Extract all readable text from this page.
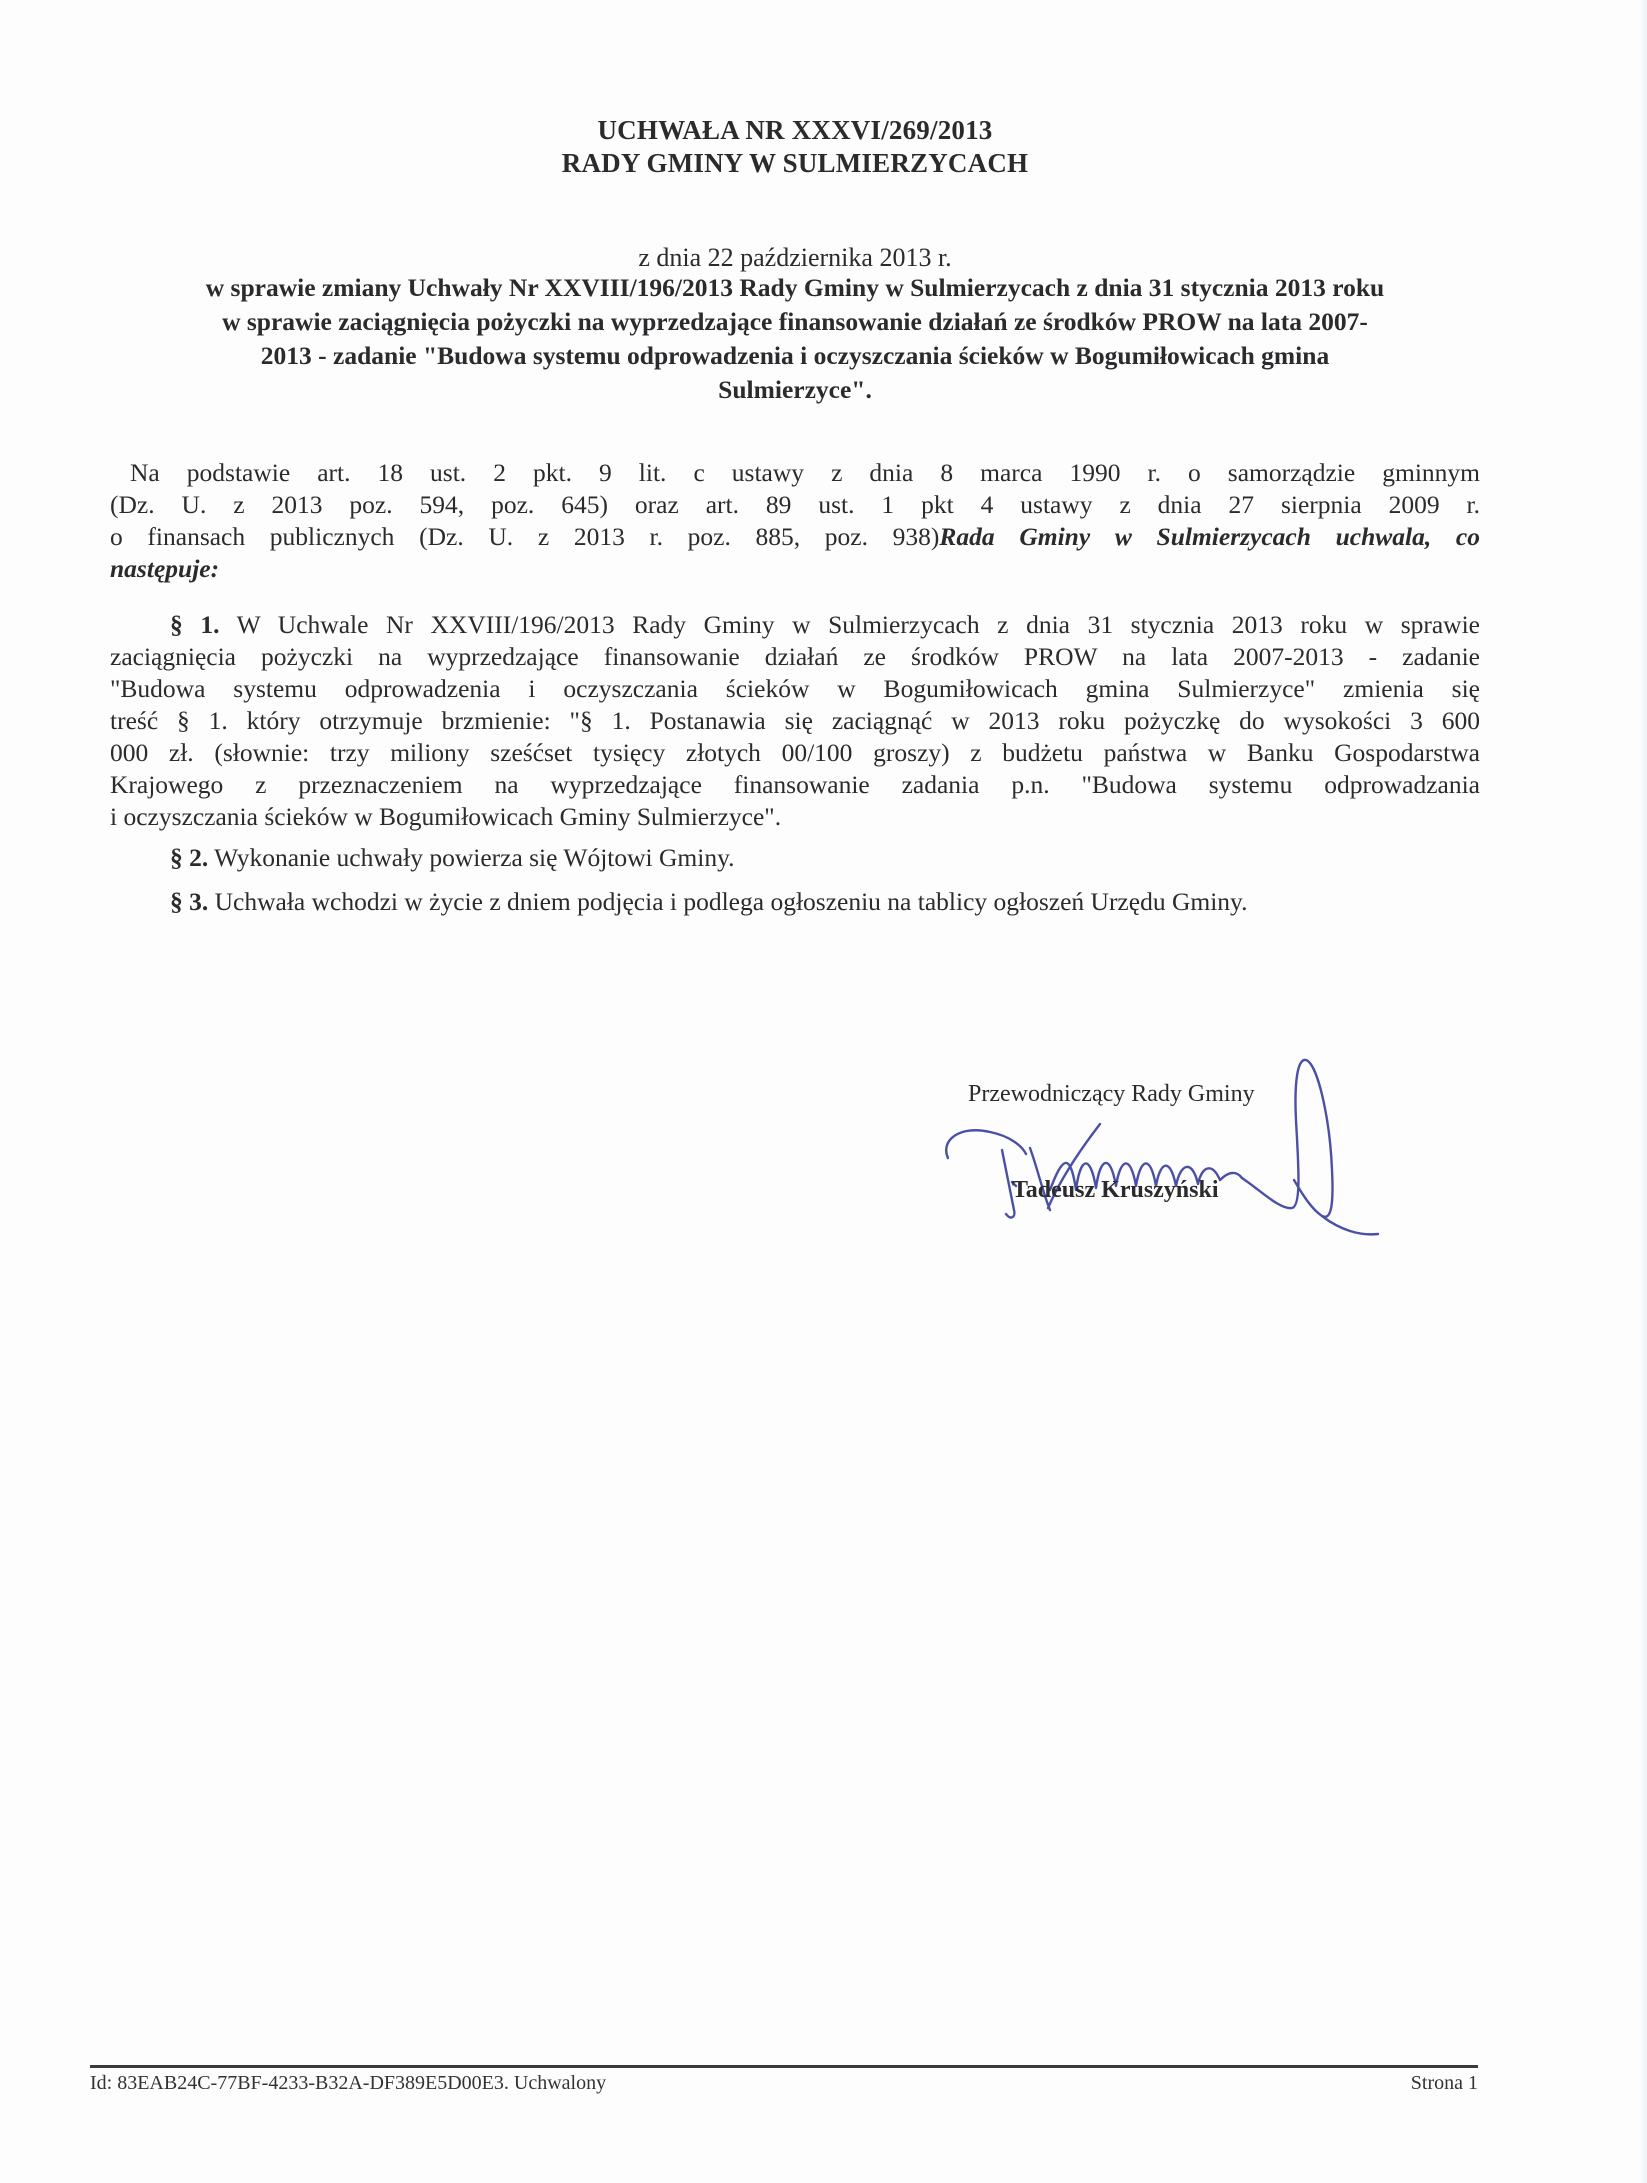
UCHWAŁA NR XXXVI/269/2013
RADY GMINY W SULMIERZYCACH
z dnia 22 października 2013 r.
w sprawie zmiany Uchwały Nr XXVIII/196/2013 Rady Gminy w Sulmierzycach z dnia 31 stycznia 2013 roku
w sprawie zaciągnięcia pożyczki na wyprzedzające finansowanie działań ze środków PROW na lata 2007-
2013 - zadanie "Budowa systemu odprowadzenia i oczyszczania ścieków w Bogumiłowicach gmina
Sulmierzyce".
Na podstawie art. 18 ust. 2 pkt. 9 lit. c ustawy z dnia 8 marca 1990 r. o samorządzie gminnym
(Dz. U. z 2013 poz. 594, poz. 645) oraz art. 89 ust. 1 pkt 4 ustawy z dnia 27 sierpnia 2009 r.
o finansach publicznych (Dz. U. z 2013 r. poz. 885, poz. 938)Rada Gminy w Sulmierzycach uchwala, co
następuje:
§ 1. W Uchwale Nr XXVIII/196/2013 Rady Gminy w Sulmierzycach z dnia 31 stycznia 2013 roku w sprawie
zaciągnięcia pożyczki na wyprzedzające finansowanie działań ze środków PROW na lata 2007-2013 - zadanie
"Budowa systemu odprowadzenia i oczyszczania ścieków w Bogumiłowicach gmina Sulmierzyce" zmienia się
treść § 1. który otrzymuje brzmienie: "§ 1. Postanawia się zaciągnąć w 2013 roku pożyczkę do wysokości 3 600
000 zł. (słownie: trzy miliony sześćset tysięcy złotych 00/100 groszy) z budżetu państwa w Banku Gospodarstwa
Krajowego z przeznaczeniem na wyprzedzające finansowanie zadania p.n. "Budowa systemu odprowadzania
i oczyszczania ścieków w Bogumiłowicach Gminy Sulmierzyce".
§ 2. Wykonanie uchwały powierza się Wójtowi Gminy.
§ 3. Uchwała wchodzi w życie z dniem podjęcia i podlega ogłoszeniu na tablicy ogłoszeń Urzędu Gminy.
Przewodniczący Rady Gminy
Tadeusz Kruszyński
Id: 83EAB24C-77BF-4233-B32A-DF389E5D00E3. Uchwalony	Strona 1
